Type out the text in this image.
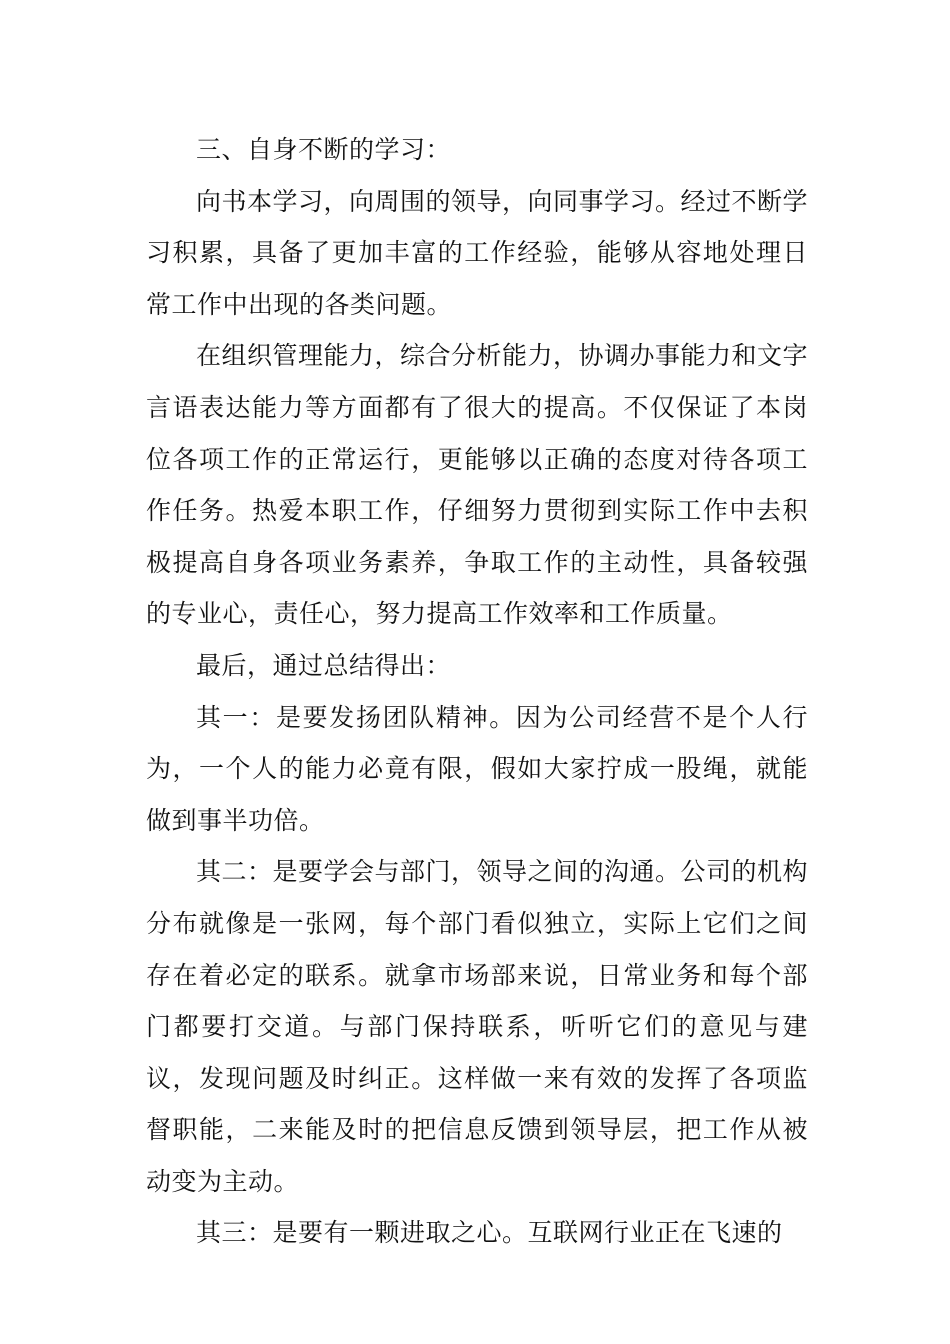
三、自身不断的学习：

向书本学习，向周围的领导，向同事学习。经过不断学习积累，具备了更加丰富的工作经验，能够从容地处理日常工作中出现的各类问题。

在组织管理能力，综合分析能力，协调办事能力和文字言语表达能力等方面都有了很大的提高。不仅保证了本岗位各项工作的正常运行，更能够以正确的态度对待各项工作任务。热爱本职工作，仔细努力贯彻到实际工作中去积极提高自身各项业务素养，争取工作的主动性，具备较强的专业心，责任心，努力提高工作效率和工作质量。

最后，通过总结得出：

其一：是要发扬团队精神。因为公司经营不是个人行为，一个人的能力必竟有限，假如大家拧成一股绳，就能做到事半功倍。

其二：是要学会与部门，领导之间的沟通。公司的机构分布就像是一张网，每个部门看似独立，实际上它们之间存在着必定的联系。就拿市场部来说，日常业务和每个部门都要打交道。与部门保持联系，听听它们的意见与建议，发现问题及时纠正。这样做一来有效的发挥了各项监督职能，二来能及时的把信息反馈到领导层，把工作从被动变为主动。

其三：是要有一颗进取之心。互联网行业正在飞速的
